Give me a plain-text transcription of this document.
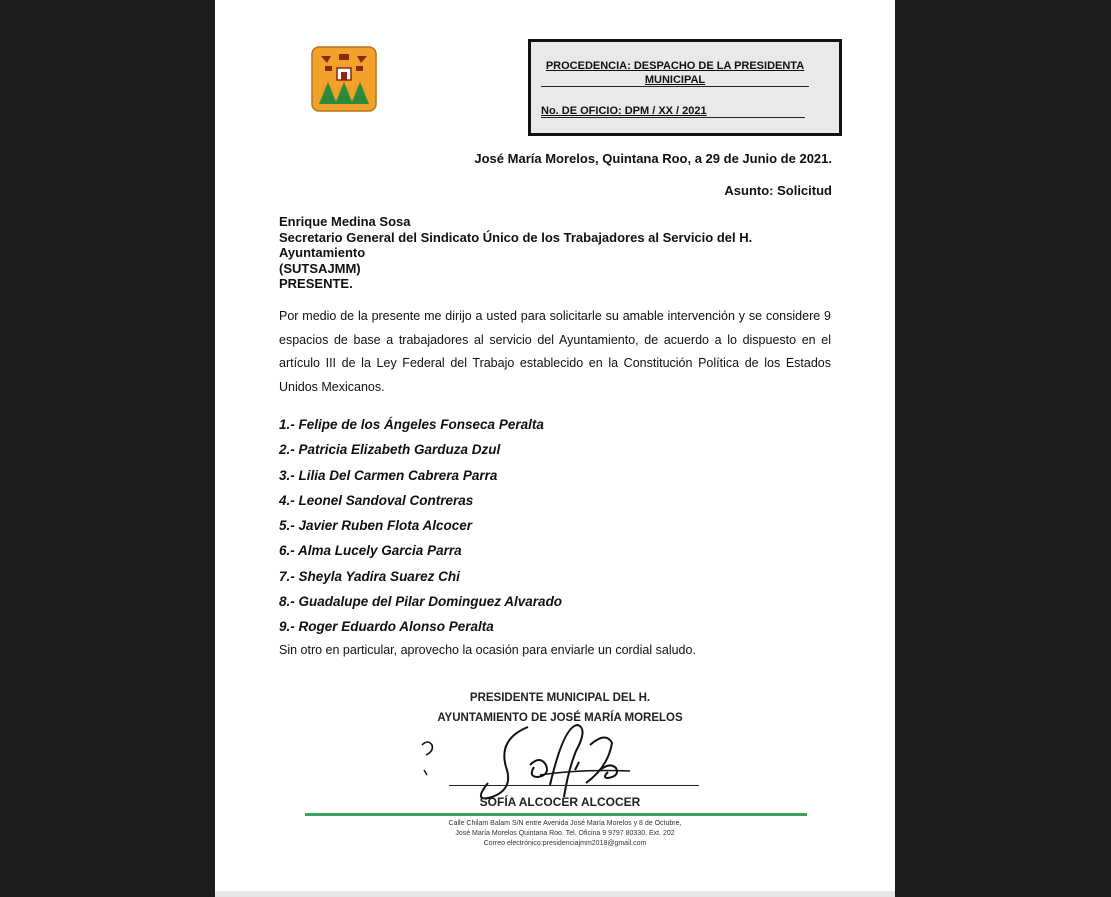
PROCEDENCIA: DESPACHO DE LA PRESIDENTA MUNICIPAL
No. DE OFICIO: DPM / XX / 2021
José María Morelos, Quintana Roo, a 29 de Junio de 2021.
Asunto: Solicitud
Enrique Medina Sosa
Secretario General del Sindicato Único de los Trabajadores al Servicio del H. Ayuntamiento
(SUTSAJMM)
PRESENTE.
Por medio de la presente me dirijo a usted para solicitarle su amable intervención y se considere 9 espacios de base a trabajadores al servicio del Ayuntamiento, de acuerdo a lo dispuesto en el artículo III de la Ley Federal del Trabajo establecido en la Constitución Política de los Estados Unidos Mexicanos.
1.- Felipe de los Ángeles Fonseca Peralta
2.- Patricia Elizabeth Garduza Dzul
3.- Lilia Del Carmen Cabrera Parra
4.- Leonel Sandoval Contreras
5.- Javier Ruben Flota Alcocer
6.- Alma Lucely Garcia Parra
7.- Sheyla Yadira Suarez Chi
8.- Guadalupe del Pilar Dominguez Alvarado
9.- Roger Eduardo Alonso Peralta
Sin otro en particular, aprovecho la ocasión para enviarle un cordial saludo.
PRESIDENTE MUNICIPAL DEL H.
AYUNTAMIENTO DE JOSÉ MARÍA MORELOS
SOFÍA ALCOCER ALCOCER
Calle Chilam Balam S/N entre Avenida José María Morelos y 8 de Octubre,
José María Morelos Quintana Roo. Tel. Oficina 9 9797 80330. Ext. 202
Correo electrónico:presidenciajmm2018@gmail.com
